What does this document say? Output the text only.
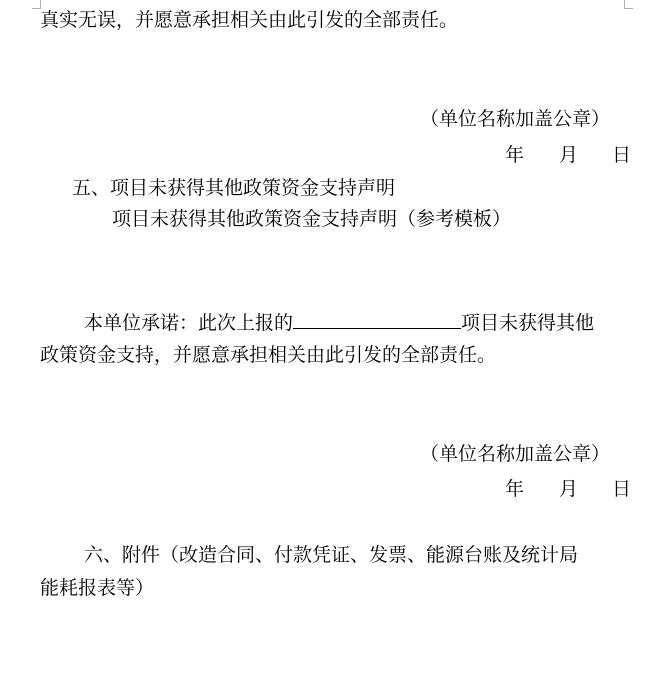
真实无误，并愿意承担相关由此引发的全部责任。
（单位名称加盖公章）
年 月 日
五、项目未获得其他政策资金支持声明
项目未获得其他政策资金支持声明（参考模板）
本单位承诺：此次上报的	项目未获得其他
政策资金支持，并愿意承担相关由此引发的全部责任。
（单位名称加盖公章）
年 月 日
六、附件（改造合同、付款凭证、发票、能源台账及统计局
能耗报表等）
